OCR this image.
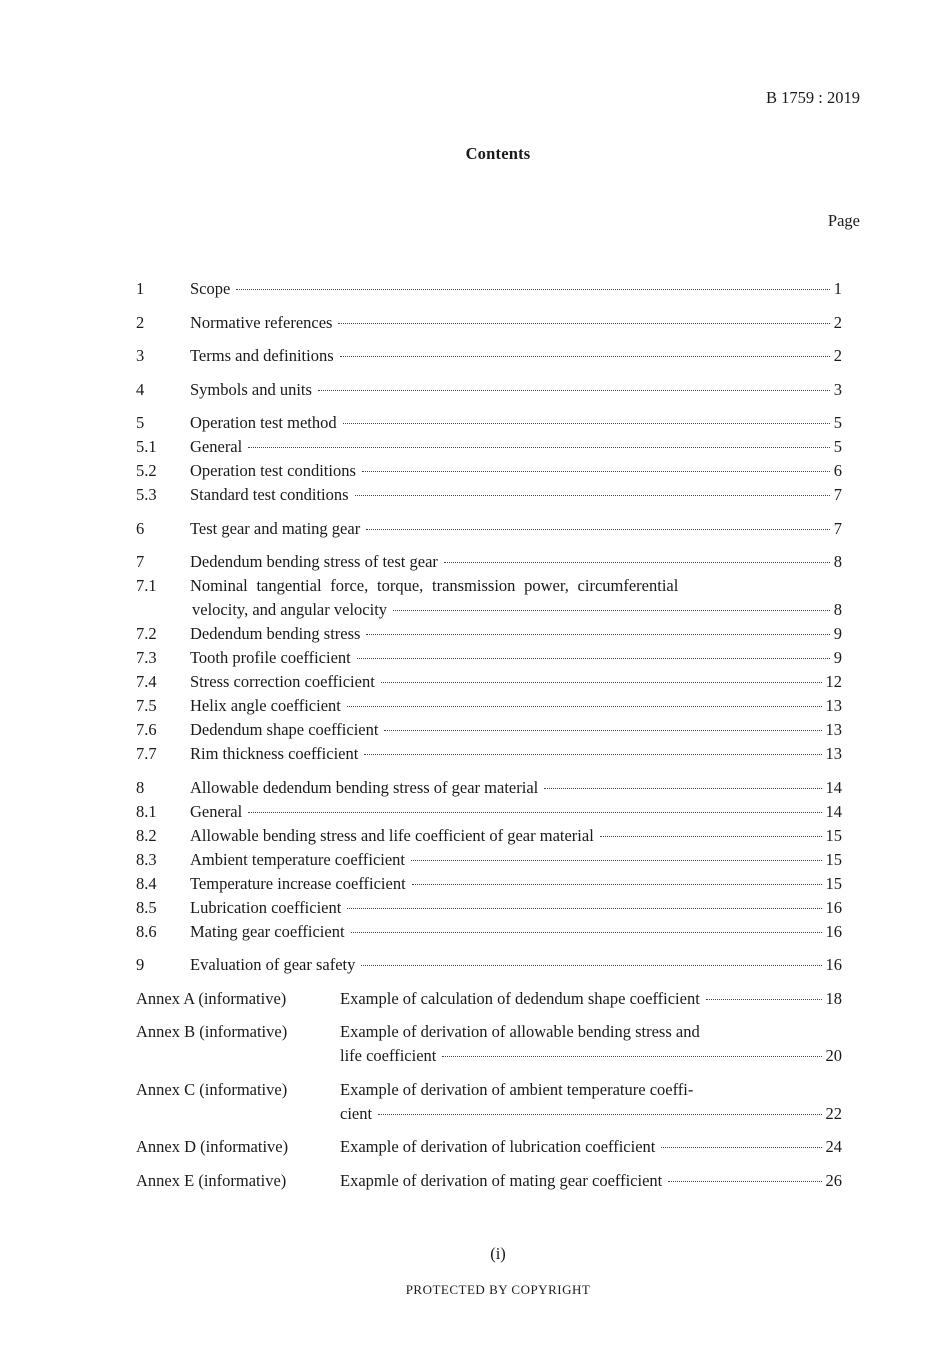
B 1759 : 2019
Contents
Page
1	Scope	1
2	Normative references	2
3	Terms and definitions	2
4	Symbols and units	3
5	Operation test method	5
5.1	General	5
5.2	Operation test conditions	6
5.3	Standard test conditions	7
6	Test gear and mating gear	7
7	Dedendum bending stress of test gear	8
7.1	Nominal tangential force, torque, transmission power, circumferential
velocity, and angular velocity	8
7.2	Dedendum bending stress	9
7.3	Tooth profile coefficient	9
7.4	Stress correction coefficient	12
7.5	Helix angle coefficient	13
7.6	Dedendum shape coefficient	13
7.7	Rim thickness coefficient	13
8	Allowable dedendum bending stress of gear material	14
8.1	General	14
8.2	Allowable bending stress and life coefficient of gear material	15
8.3	Ambient temperature coefficient	15
8.4	Temperature increase coefficient	15
8.5	Lubrication coefficient	16
8.6	Mating gear coefficient	16
9	Evaluation of gear safety	16
Annex A (informative)	Example of calculation of dedendum shape coefficient	18
Annex B (informative)	Example of derivation of allowable bending stress and
life coefficient	20
Annex C (informative)	Example of derivation of ambient temperature coeffi-
cient	22
Annex D (informative)	Example of derivation of lubrication coefficient	24
Annex E (informative)	Exapmle of derivation of mating gear coefficient	26
(i)
PROTECTED BY COPYRIGHT
